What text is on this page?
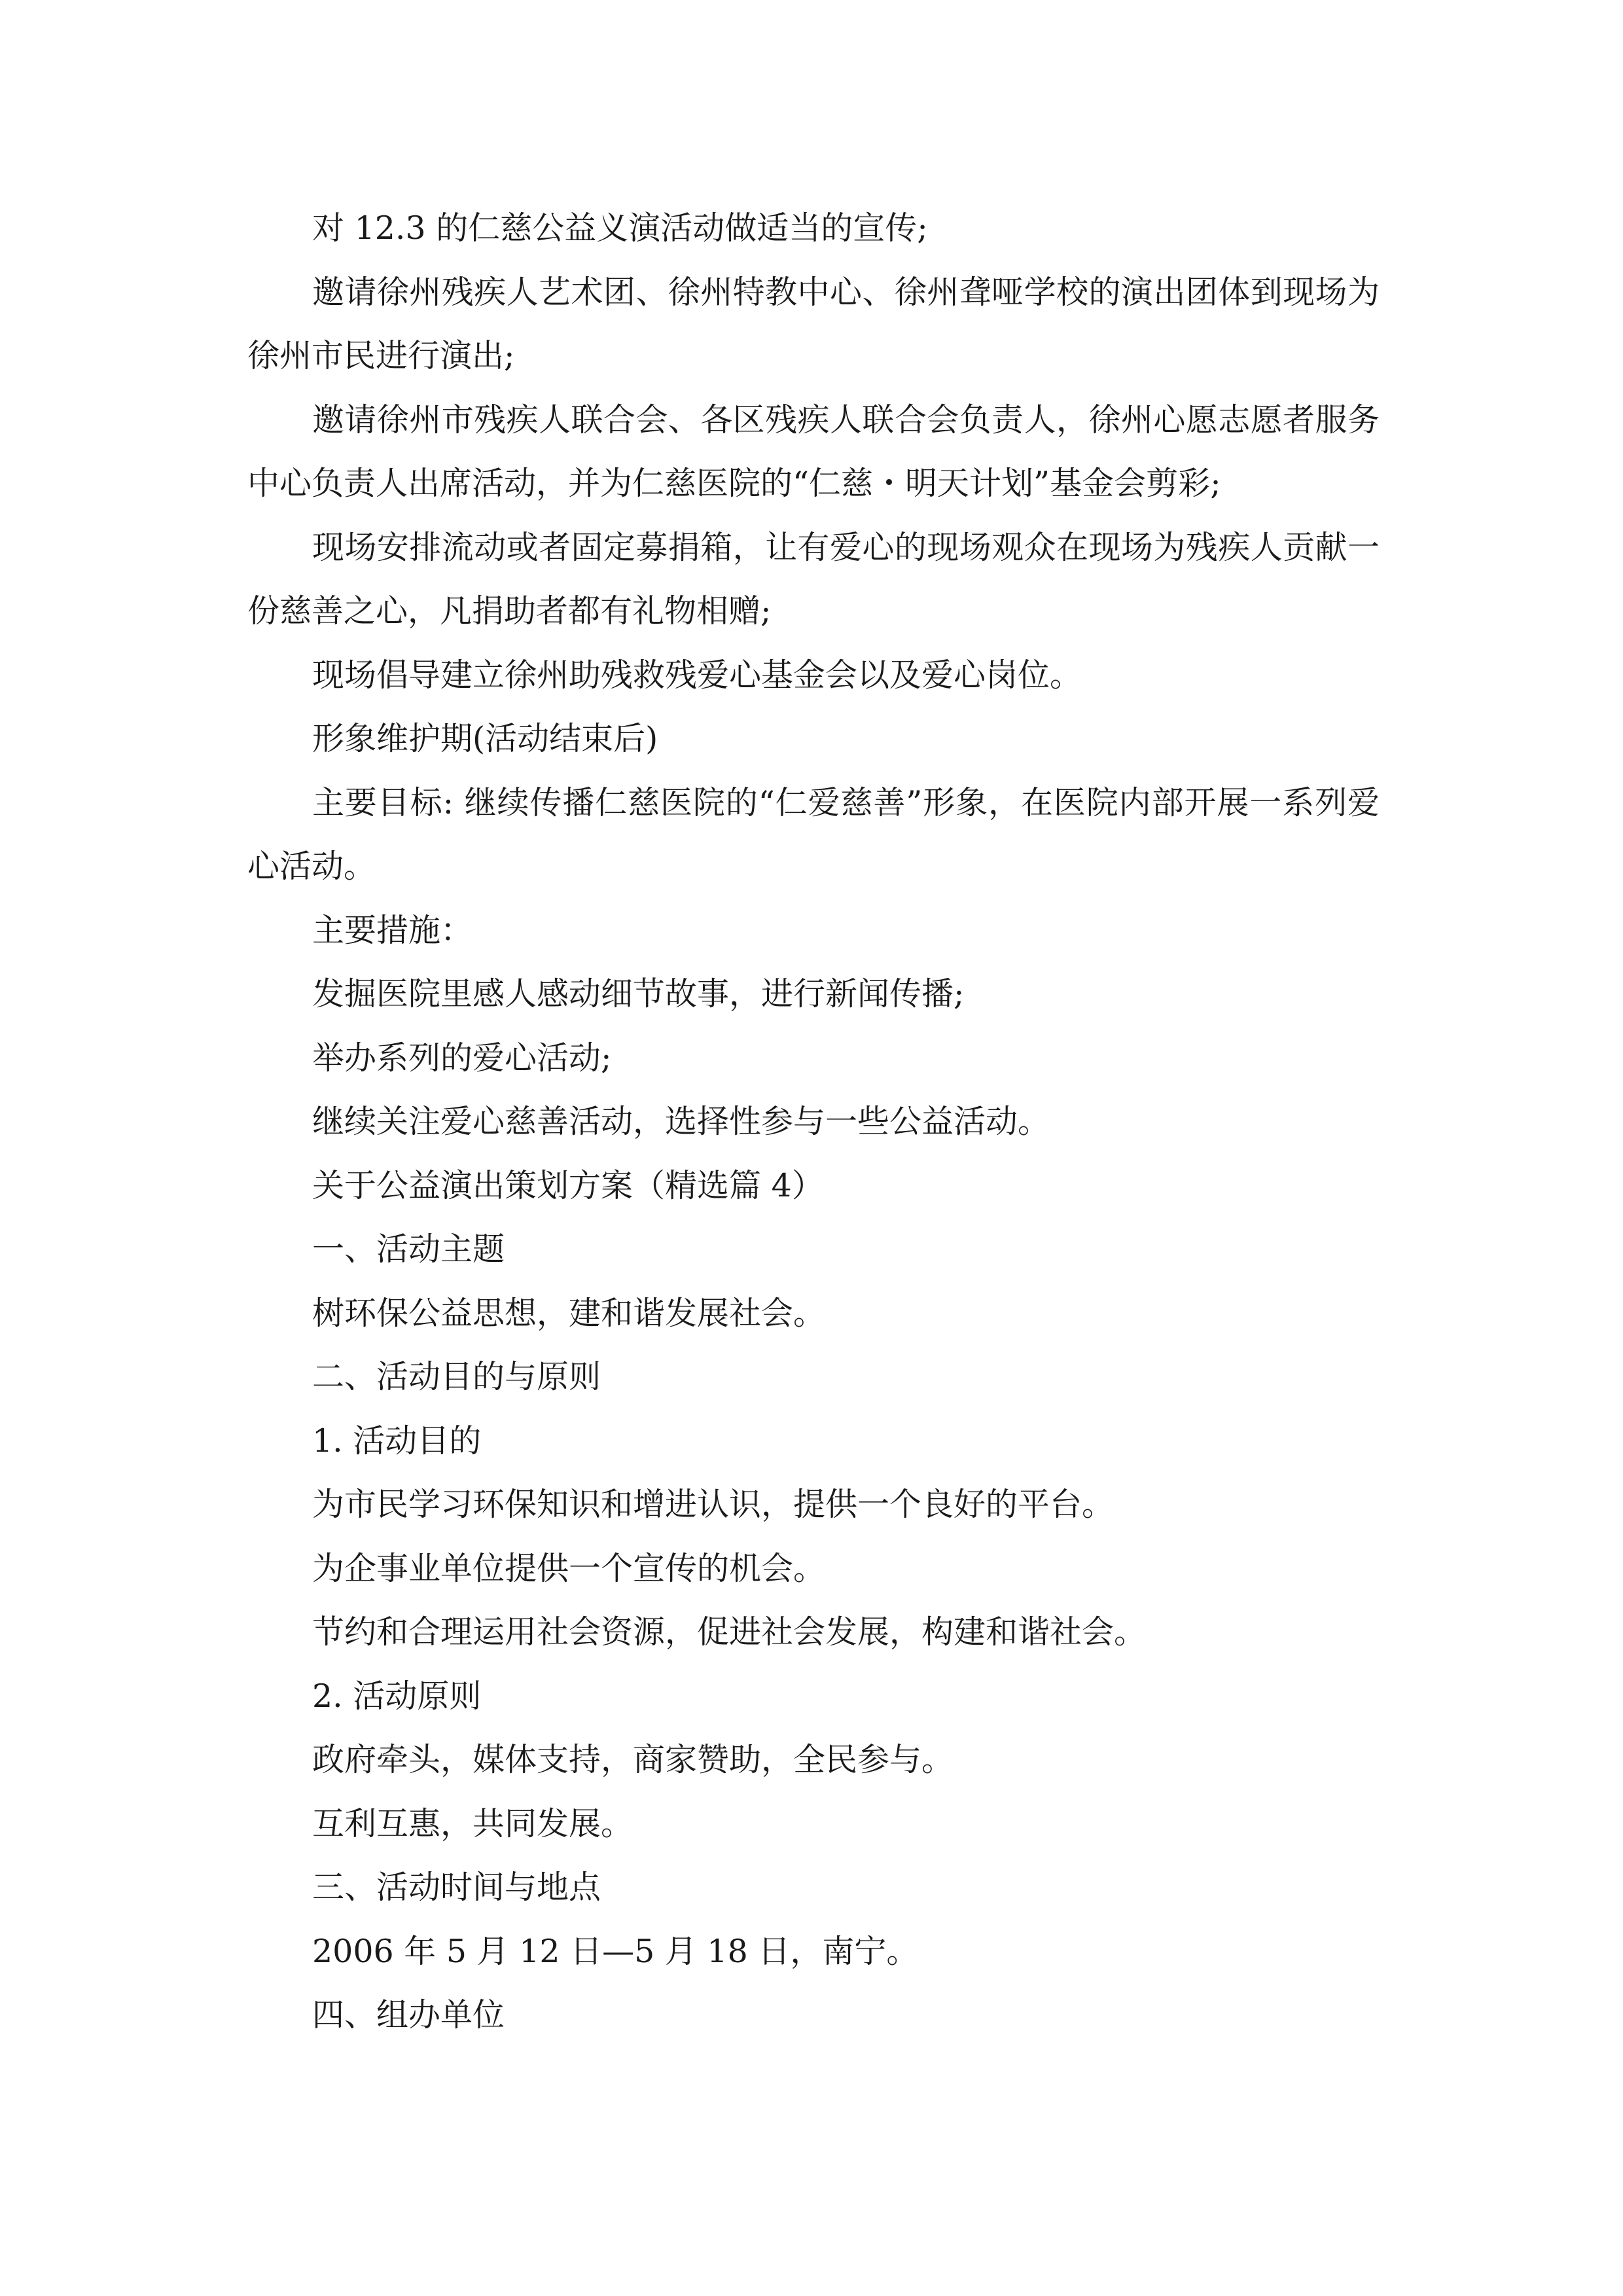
对 12.3 的仁慈公益义演活动做适当的宣传;

邀请徐州残疾人艺术团、徐州特教中心、徐州聋哑学校的演出团体到现场为徐州市民进行演出;

邀请徐州市残疾人联合会、各区残疾人联合会负责人，徐州心愿志愿者服务中心负责人出席活动，并为仁慈医院的“仁慈・明天计划”基金会剪彩;

现场安排流动或者固定募捐箱，让有爱心的现场观众在现场为残疾人贡献一份慈善之心，凡捐助者都有礼物相赠;

现场倡导建立徐州助残救残爱心基金会以及爱心岗位。

形象维护期(活动结束后)

主要目标: 继续传播仁慈医院的“仁爱慈善”形象，在医院内部开展一系列爱心活动。

主要措施：

发掘医院里感人感动细节故事，进行新闻传播;

举办系列的爱心活动;

继续关注爱心慈善活动，选择性参与一些公益活动。

关于公益演出策划方案（精选篇 4）

一、活动主题

树环保公益思想，建和谐发展社会。

二、活动目的与原则

1. 活动目的

为市民学习环保知识和增进认识，提供一个良好的平台。

为企事业单位提供一个宣传的机会。

节约和合理运用社会资源，促进社会发展，构建和谐社会。

2. 活动原则

政府牵头，媒体支持，商家赞助，全民参与。

互利互惠，共同发展。

三、活动时间与地点

2006 年 5 月 12 日—5 月 18 日，南宁。

四、组办单位
